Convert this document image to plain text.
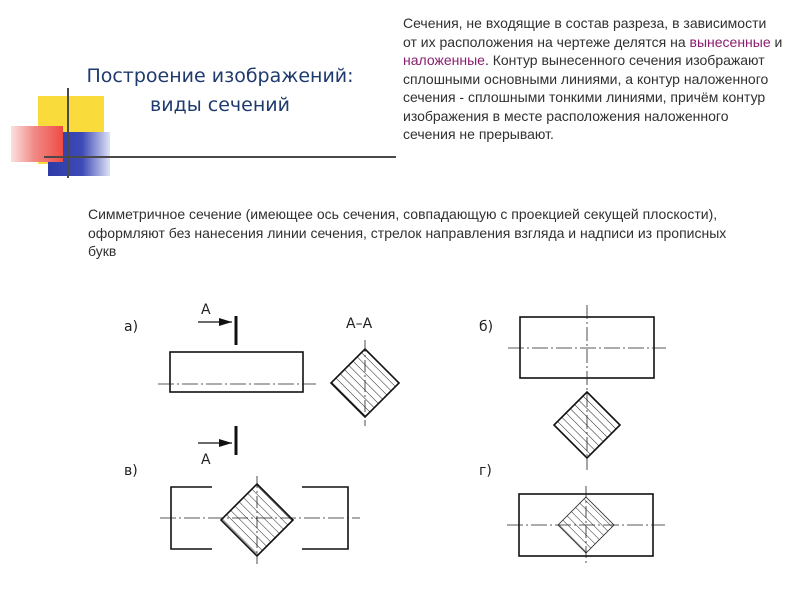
Построение изображений:
виды сечений
Сечения, не входящие в состав разреза, в зависимости от их расположения на чертеже делятся на вынесенные и наложенные. Контур вынесенного сечения изображают сплошными основными линиями, а контур наложенного сечения - сплошными тонкими линиями, причём контур изображения в месте расположения наложенного сечения не прерывают.
Симметричное сечение (имеющее ось сечения, совпадающую с проекцией секущей плоскости), оформляют без нанесения линии сечения, стрелок направления взгляда и надписи из прописных букв
а)
А
А
А–А	б)
в)	г)
